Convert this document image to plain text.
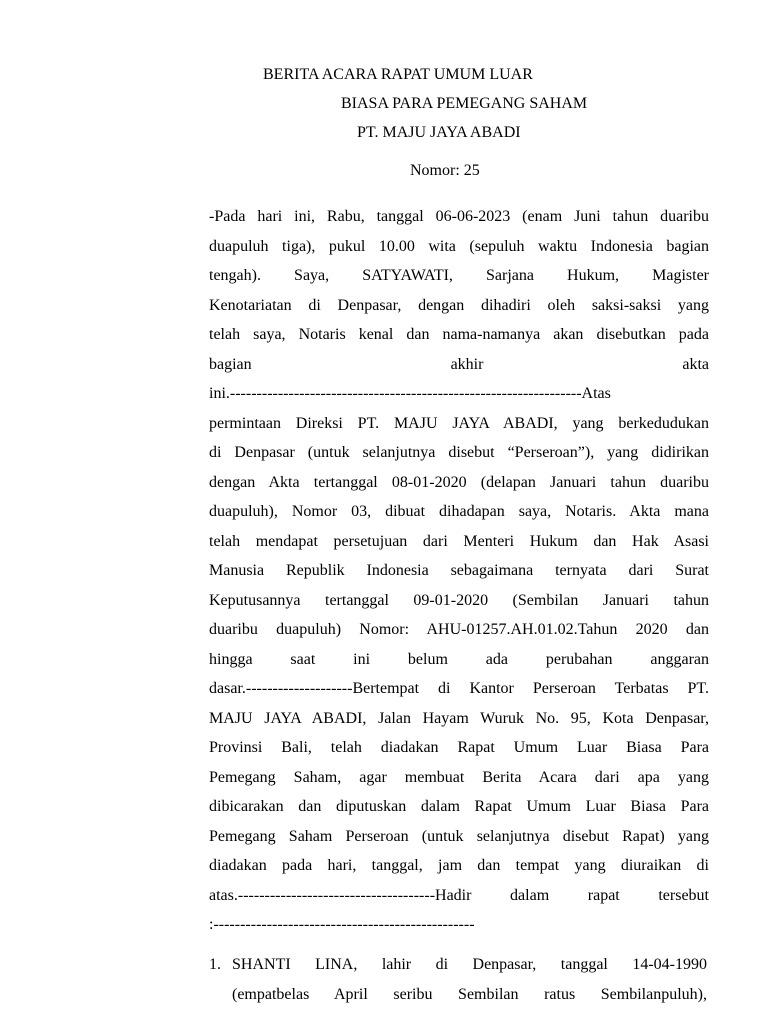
BERITA ACARA RAPAT UMUM LUAR
BIASA PARA PEMEGANG SAHAM
PT. MAJU JAYA ABADI
Nomor: 25
-Pada hari ini, Rabu, tanggal 06-06-2023 (enam Juni tahun duaribu
duapuluh tiga), pukul 10.00 wita (sepuluh waktu Indonesia bagian
tengah). Saya, SATYAWATI, Sarjana Hukum, Magister
Kenotariatan di Denpasar, dengan dihadiri oleh saksi-saksi yang
telah saya, Notaris kenal dan nama-namanya akan disebutkan pada
bagian akhir akta
ini.------------------------------------------------------------------Atas
permintaan Direksi PT. MAJU JAYA ABADI, yang berkedudukan
di Denpasar (untuk selanjutnya disebut “Perseroan”), yang didirikan
dengan Akta tertanggal 08-01-2020 (delapan Januari tahun duaribu
duapuluh), Nomor 03, dibuat dihadapan saya, Notaris. Akta mana
telah mendapat persetujuan dari Menteri Hukum dan Hak Asasi
Manusia Republik Indonesia sebagaimana ternyata dari Surat
Keputusannya tertanggal 09-01-2020 (Sembilan Januari tahun
duaribu duapuluh) Nomor: AHU-01257.AH.01.02.Tahun 2020 dan
hingga saat ini belum ada perubahan anggaran
dasar.--------------------Bertempat di Kantor Perseroan Terbatas PT.
MAJU JAYA ABADI, Jalan Hayam Wuruk No. 95, Kota Denpasar,
Provinsi Bali, telah diadakan Rapat Umum Luar Biasa Para
Pemegang Saham, agar membuat Berita Acara dari apa yang
dibicarakan dan diputuskan dalam Rapat Umum Luar Biasa Para
Pemegang Saham Perseroan (untuk selanjutnya disebut Rapat) yang
diadakan pada hari, tanggal, jam dan tempat yang diuraikan di
atas.-------------------------------------Hadir dalam rapat tersebut
:-------------------------------------------------
1. SHANTI LINA, lahir di Denpasar, tanggal 14-04-1990
(empatbelas April seribu Sembilan ratus Sembilanpuluh),
